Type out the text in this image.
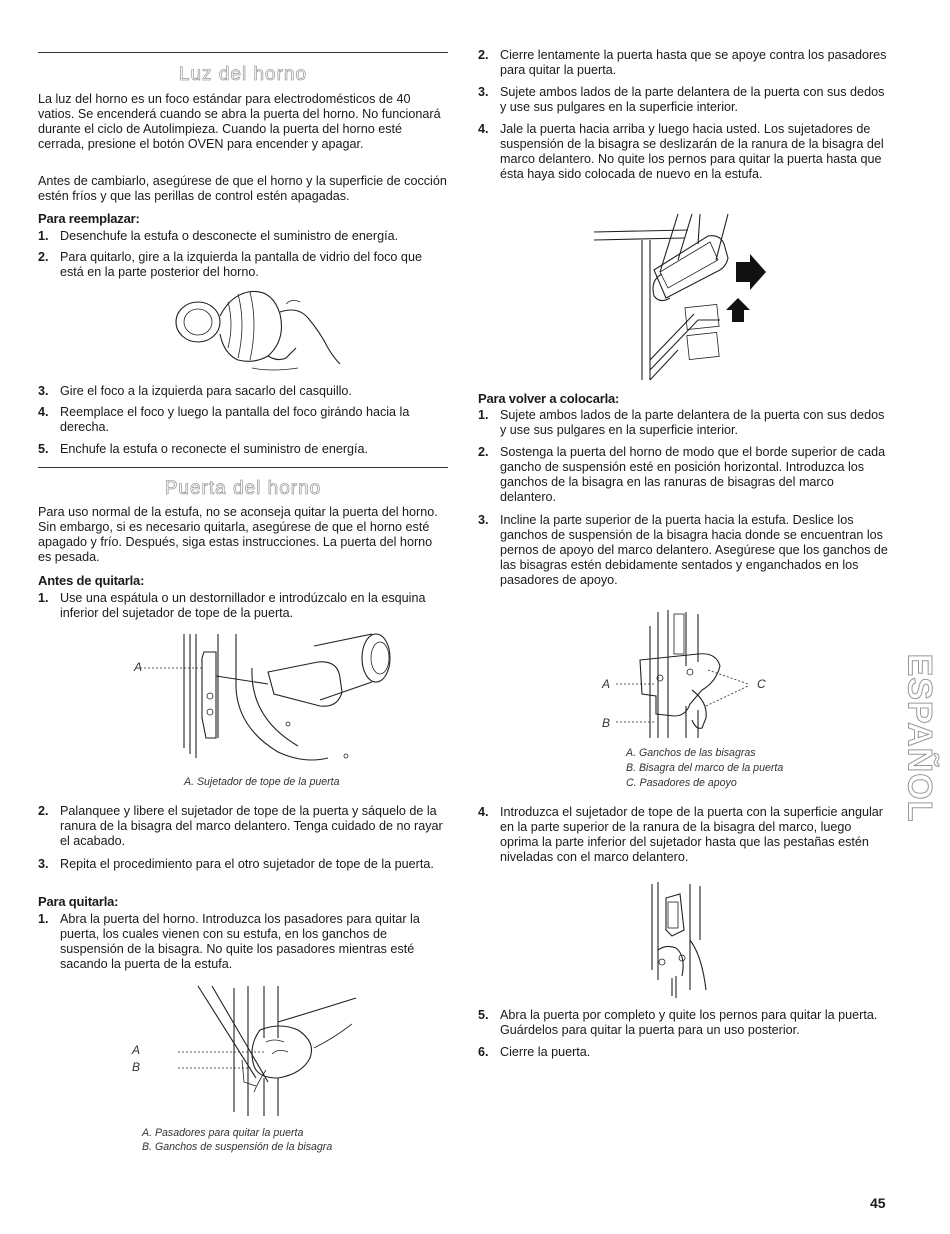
Luz del horno

La luz del horno es un foco estándar para electrodomésticos de 40 vatios. Se encenderá cuando se abra la puerta del horno. No funcionará durante el ciclo de Autolimpieza. Cuando la puerta del horno esté cerrada, presione el botón OVEN para encender y apagar.

Antes de cambiarlo, asegúrese de que el horno y la superficie de cocción estén fríos y que las perillas de control estén apagadas.

Para reemplazar:
1. Desenchufe la estufa o desconecte el suministro de energía.
2. Para quitarlo, gire a la izquierda la pantalla de vidrio del foco que está en la parte posterior del horno.
3. Gire el foco a la izquierda para sacarlo del casquillo.
4. Reemplace el foco y luego la pantalla del foco girándo hacia la derecha.
5. Enchufe la estufa o reconecte el suministro de energía.
Puerta del horno

Para uso normal de la estufa, no se aconseja quitar la puerta del horno. Sin embargo, si es necesario quitarla, asegúrese de que el horno esté apagado y frío. Después, siga estas instrucciones. La puerta del horno es pesada.

Antes de quitarla:
1. Use una espátula o un destornillador e introdúzcalo en la esquina inferior del sujetador de tope de la puerta.
A
A. Sujetador de tope de la puerta
2. Palanquee y libere el sujetador de tope de la puerta y sáquelo de la ranura de la bisagra del marco delantero. Tenga cuidado de no rayar el acabado.
3. Repita el procedimiento para el otro sujetador de tope de la puerta.
Para quitarla:
1. Abra la puerta del horno. Introduzca los pasadores para quitar la puerta, los cuales vienen con su estufa, en los ganchos de suspensión de la bisagra. No quite los pasadores mientras esté sacando la puerta de la estufa.
A
B
A. Pasadores para quitar la puerta
B. Ganchos de suspensión de la bisagra
2. Cierre lentamente la puerta hasta que se apoye contra los pasadores para quitar la puerta.
3. Sujete ambos lados de la parte delantera de la puerta con sus dedos y use sus pulgares en la superficie interior.
4. Jale la puerta hacia arriba y luego hacia usted. Los sujetadores de suspensión de la bisagra se deslizarán de la ranura de la bisagra del marco delantero. No quite los pernos para quitar la puerta hasta que ésta haya sido colocada de nuevo en la estufa.
Para volver a colocarla:
1. Sujete ambos lados de la parte delantera de la puerta con sus dedos y use sus pulgares en la superficie interior.
2. Sostenga la puerta del horno de modo que el borde superior de cada gancho de suspensión esté en posición horizontal. Introduzca los ganchos de la bisagra en las ranuras de bisagras del marco delantero.
3. Incline la parte superior de la puerta hacia la estufa. Deslice los ganchos de suspensión de la bisagra hacia donde se encuentran los pernos de apoyo del marco delantero. Asegúrese que los ganchos de las bisagras estén debidamente sentados y enganchados en los pasadores de apoyo.
A
B
C
A. Ganchos de las bisagras
B. Bisagra del marco de la puerta
C. Pasadores de apoyo
4. Introduzca el sujetador de tope de la puerta con la superficie angular en la parte superior de la ranura de la bisagra del marco, luego oprima la parte inferior del sujetador hasta que las pestañas estén niveladas con el marco delantero.
5. Abra la puerta por completo y quite los pernos para quitar la puerta. Guárdelos para quitar la puerta para un uso posterior.
6. Cierre la puerta.
ESPAÑOL
45
